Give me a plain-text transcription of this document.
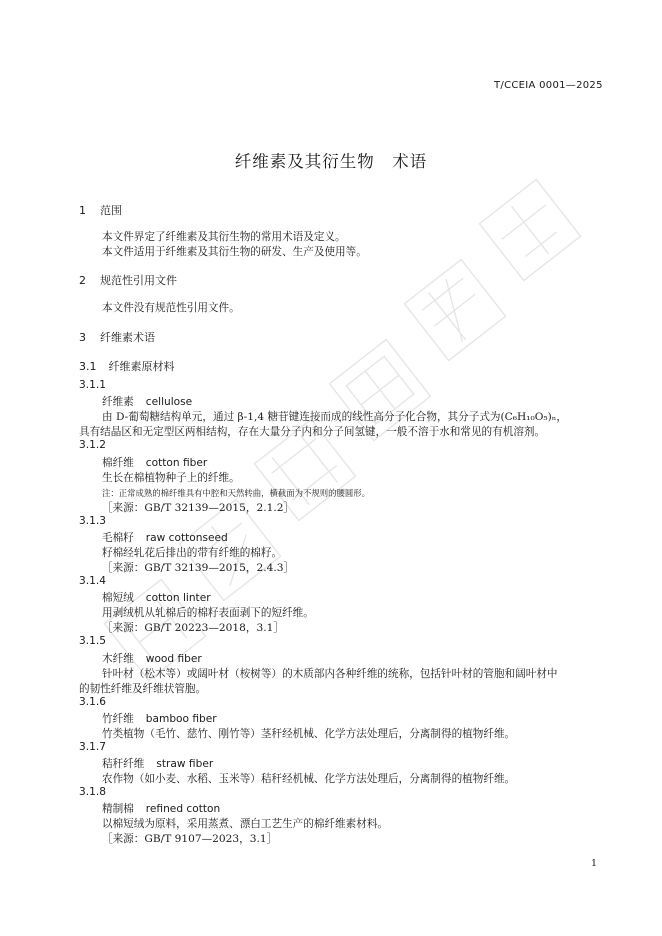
T/CCEIA 0001—2025
纤维素及其衍生物　术语
1 范围
本文件界定了纤维素及其衍生物的常用术语及定义。
本文件适用于纤维素及其衍生物的研发、生产及使用等。
2 规范性引用文件
本文件没有规范性引用文件。
3 纤维素术语
3.1 纤维素原材料
3.1.1
纤维素 cellulose
由 D-葡萄糖结构单元，通过 β-1,4 糖苷键连接而成的线性高分子化合物，其分子式为(C₆H₁₀O₅)ₙ，
具有结晶区和无定型区两相结构，存在大量分子内和分子间氢键，一般不溶于水和常见的有机溶剂。
3.1.2
棉纤维 cotton fiber
生长在棉植物种子上的纤维。
注：正常成熟的棉纤维具有中腔和天然转曲，横截面为不规则的腰圆形。
［来源：GB/T 32139—2015，2.1.2］
3.1.3
毛棉籽 raw cottonseed
籽棉经轧花后排出的带有纤维的棉籽。
［来源：GB/T 32139—2015，2.4.3］
3.1.4
棉短绒 cotton linter
用剥绒机从轧棉后的棉籽表面剥下的短纤维。
［来源：GB/T 20223—2018，3.1］
3.1.5
木纤维 wood fiber
针叶材（松木等）或阔叶材（桉树等）的木质部内各种纤维的统称，包括针叶材的管胞和阔叶材中
的韧性纤维及纤维状管胞。
3.1.6
竹纤维 bamboo fiber
竹类植物（毛竹、慈竹、刚竹等）茎秆经机械、化学方法处理后，分离制得的植物纤维。
3.1.7
秸秆纤维 straw fiber
农作物（如小麦、水稻、玉米等）秸秆经机械、化学方法处理后，分离制得的植物纤维。
3.1.8
精制棉 refined cotton
以棉短绒为原料，采用蒸煮、漂白工艺生产的棉纤维素材料。
［来源：GB/T 9107—2023，3.1］
1
